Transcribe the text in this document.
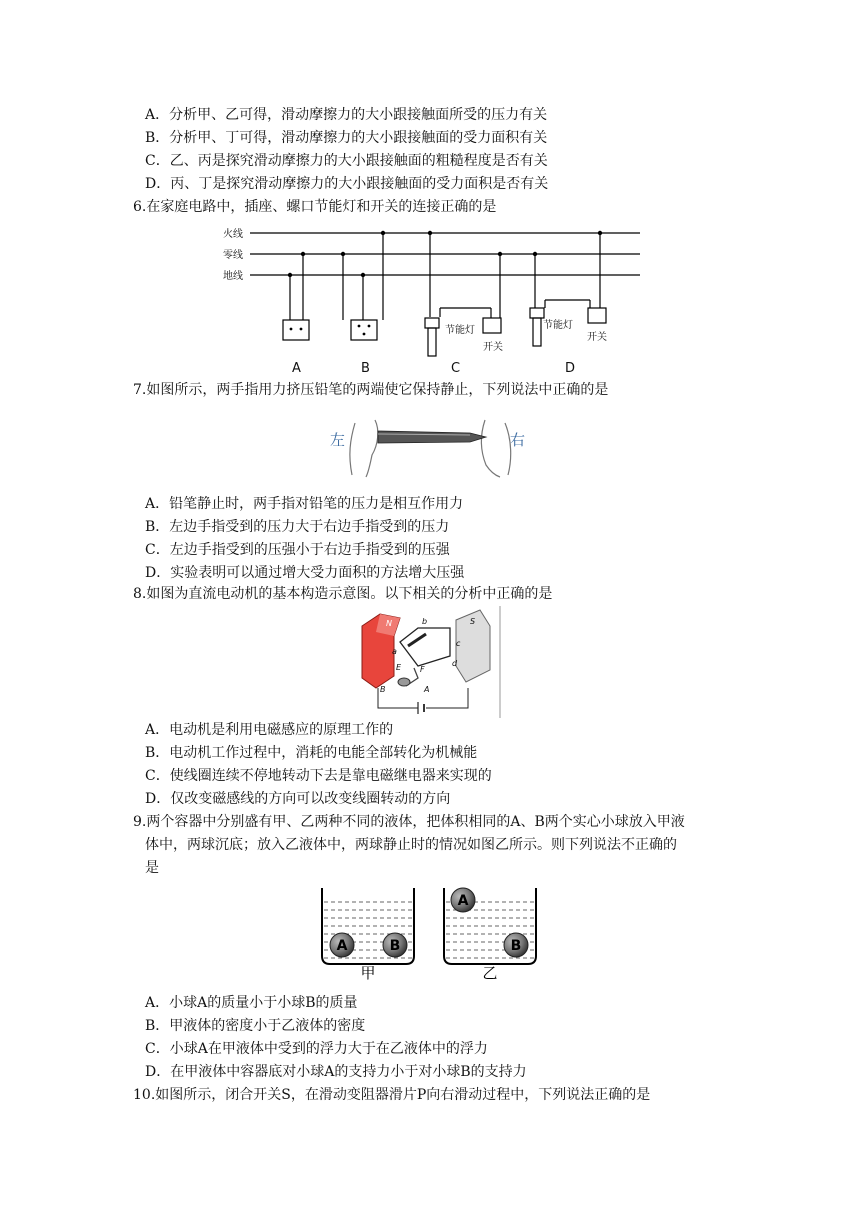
A．分析甲、乙可得，滑动摩擦力的大小跟接触面所受的压力有关
B．分析甲、丁可得，滑动摩擦力的大小跟接触面的受力面积有关
C．乙、丙是探究滑动摩擦力的大小跟接触面的粗糙程度是否有关
D．丙、丁是探究滑动摩擦力的大小跟接触面的受力面积是否有关
6.在家庭电路中，插座、螺口节能灯和开关的连接正确的是
火线
零线
地线
节能灯
开关
节能灯
开关
A	B	C	D
7.如图所示，两手指用力挤压铅笔的两端使它保持静止，下列说法中正确的是
左	右
A．铅笔静止时，两手指对铅笔的压力是相互作用力
B．左边手指受到的压力大于右边手指受到的压力
C．左边手指受到的压强小于右边手指受到的压强
D．实验表明可以通过增大受力面积的方法增大压强
8.如图为直流电动机的基本构造示意图。以下相关的分析中正确的是
N	S
a
b
c
d
E F
A
B
A．电动机是利用电磁感应的原理工作的
B．电动机工作过程中，消耗的电能全部转化为机械能
C．使线圈连续不停地转动下去是靠电磁继电器来实现的
D．仅改变磁感线的方向可以改变线圈转动的方向
9.两个容器中分别盛有甲、乙两种不同的液体，把体积相同的A、B两个实心小球放入甲液
体中，两球沉底；放入乙液体中，两球静止时的情况如图乙所示。则下列说法不正确的
是
A	B
A
B
甲	乙
A．小球A的质量小于小球B的质量
B．甲液体的密度小于乙液体的密度
C．小球A在甲液体中受到的浮力大于在乙液体中的浮力
D．在甲液体中容器底对小球A的支持力小于对小球B的支持力
10.如图所示，闭合开关S，在滑动变阻器滑片P向右滑动过程中，下列说法正确的是
